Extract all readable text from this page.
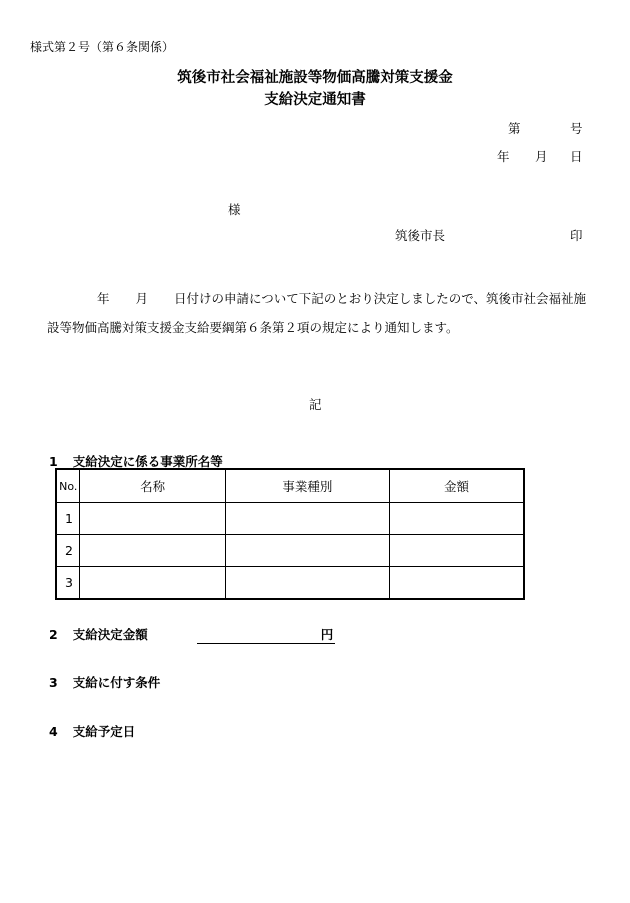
様式第２号（第６条関係）
筑後市社会福祉施設等物価高騰対策支援金
支給決定通知書
第	号
年 月 日
様
筑後市長	印
年 月 日付けの申請について下記のとおり決定しましたので、筑後市社会福祉施設等物価高騰対策支援金支給要綱第６条第２項の規定により通知します。
記
1 支給決定に係る事業所名等
No.	名称	事業種別	金額
1			
2			
3			
2 支給決定金額	円
3 支給に付す条件
4 支給予定日
